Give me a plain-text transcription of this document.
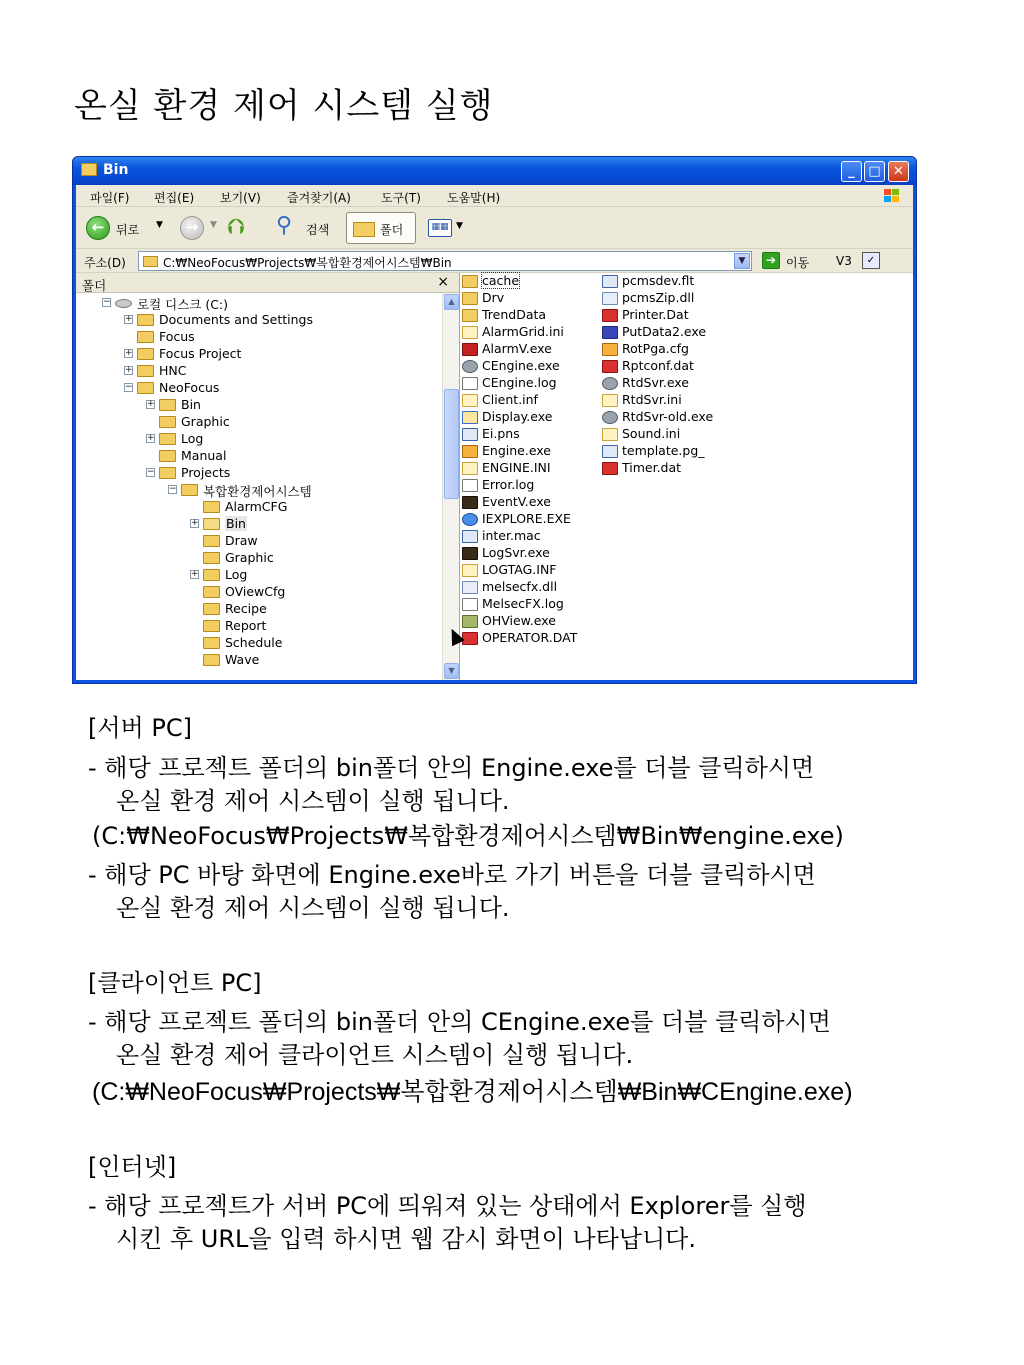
온실 환경 제어 시스템 실행
Bin	_	□ ✕
파일(F) 편집(E) 보기(V) 즐겨찾기(A)	도구(T) 도움말(H)
← 뒤로 ▼	→	▼ ⮉ ⚲ 검색	폴더	▦▦ ▼
주소(D)	C:₩NeoFocus₩Projects₩복합환경제어시스템₩Bin	▼	➔ 이동 V3	✓
폴더	×
− 로컬 디스크 (C:)
+ Documents and Settings
Focus
+ Focus Project
+ HNC
− NeoFocus
+ Bin
Graphic
+ Log
Manual
− Projects
− 복합환경제어시스템
AlarmCFG
+ Bin
Draw
Graphic
+ Log
OViewCfg
Recipe
Report
Schedule
Wave
▲
▼
cache
Drv
TrendData
AlarmGrid.ini
AlarmV.exe
CEngine.exe
CEngine.log
Client.inf
Display.exe
Ei.pns
Engine.exe
ENGINE.INI
Error.log
EventV.exe
IEXPLORE.EXE
inter.mac
LogSvr.exe
LOGTAG.INF
melsecfx.dll
MelsecFX.log
OHView.exe
OPERATOR.DAT
pcmsdev.flt
pcmsZip.dll
Printer.Dat
PutData2.exe
RotPga.cfg
Rptconf.dat
RtdSvr.exe
RtdSvr.ini
RtdSvr-old.exe
Sound.ini
template.pg_
Timer.dat
[서버 PC]
- 해당 프로젝트 폴더의 bin폴더 안의 Engine.exe를 더블 클릭하시면
온실 환경 제어 시스템이 실행 됩니다.
(C:₩NeoFocus₩Projects₩복합환경제어시스템₩Bin₩engine.exe)
- 해당 PC 바탕 화면에 Engine.exe바로 가기 버튼을 더블 클릭하시면
온실 환경 제어 시스템이 실행 됩니다.
[클라이언트 PC]
- 해당 프로젝트 폴더의 bin폴더 안의 CEngine.exe를 더블 클릭하시면
온실 환경 제어 클라이언트 시스템이 실행 됩니다.
(C:₩NeoFocus₩Projects₩복합환경제어시스템₩Bin₩CEngine.exe)
[인터넷]
- 해당 프로젝트가 서버 PC에 띄워져 있는 상태에서 Explorer를 실행
시킨 후 URL을 입력 하시면 웹 감시 화면이 나타납니다.
